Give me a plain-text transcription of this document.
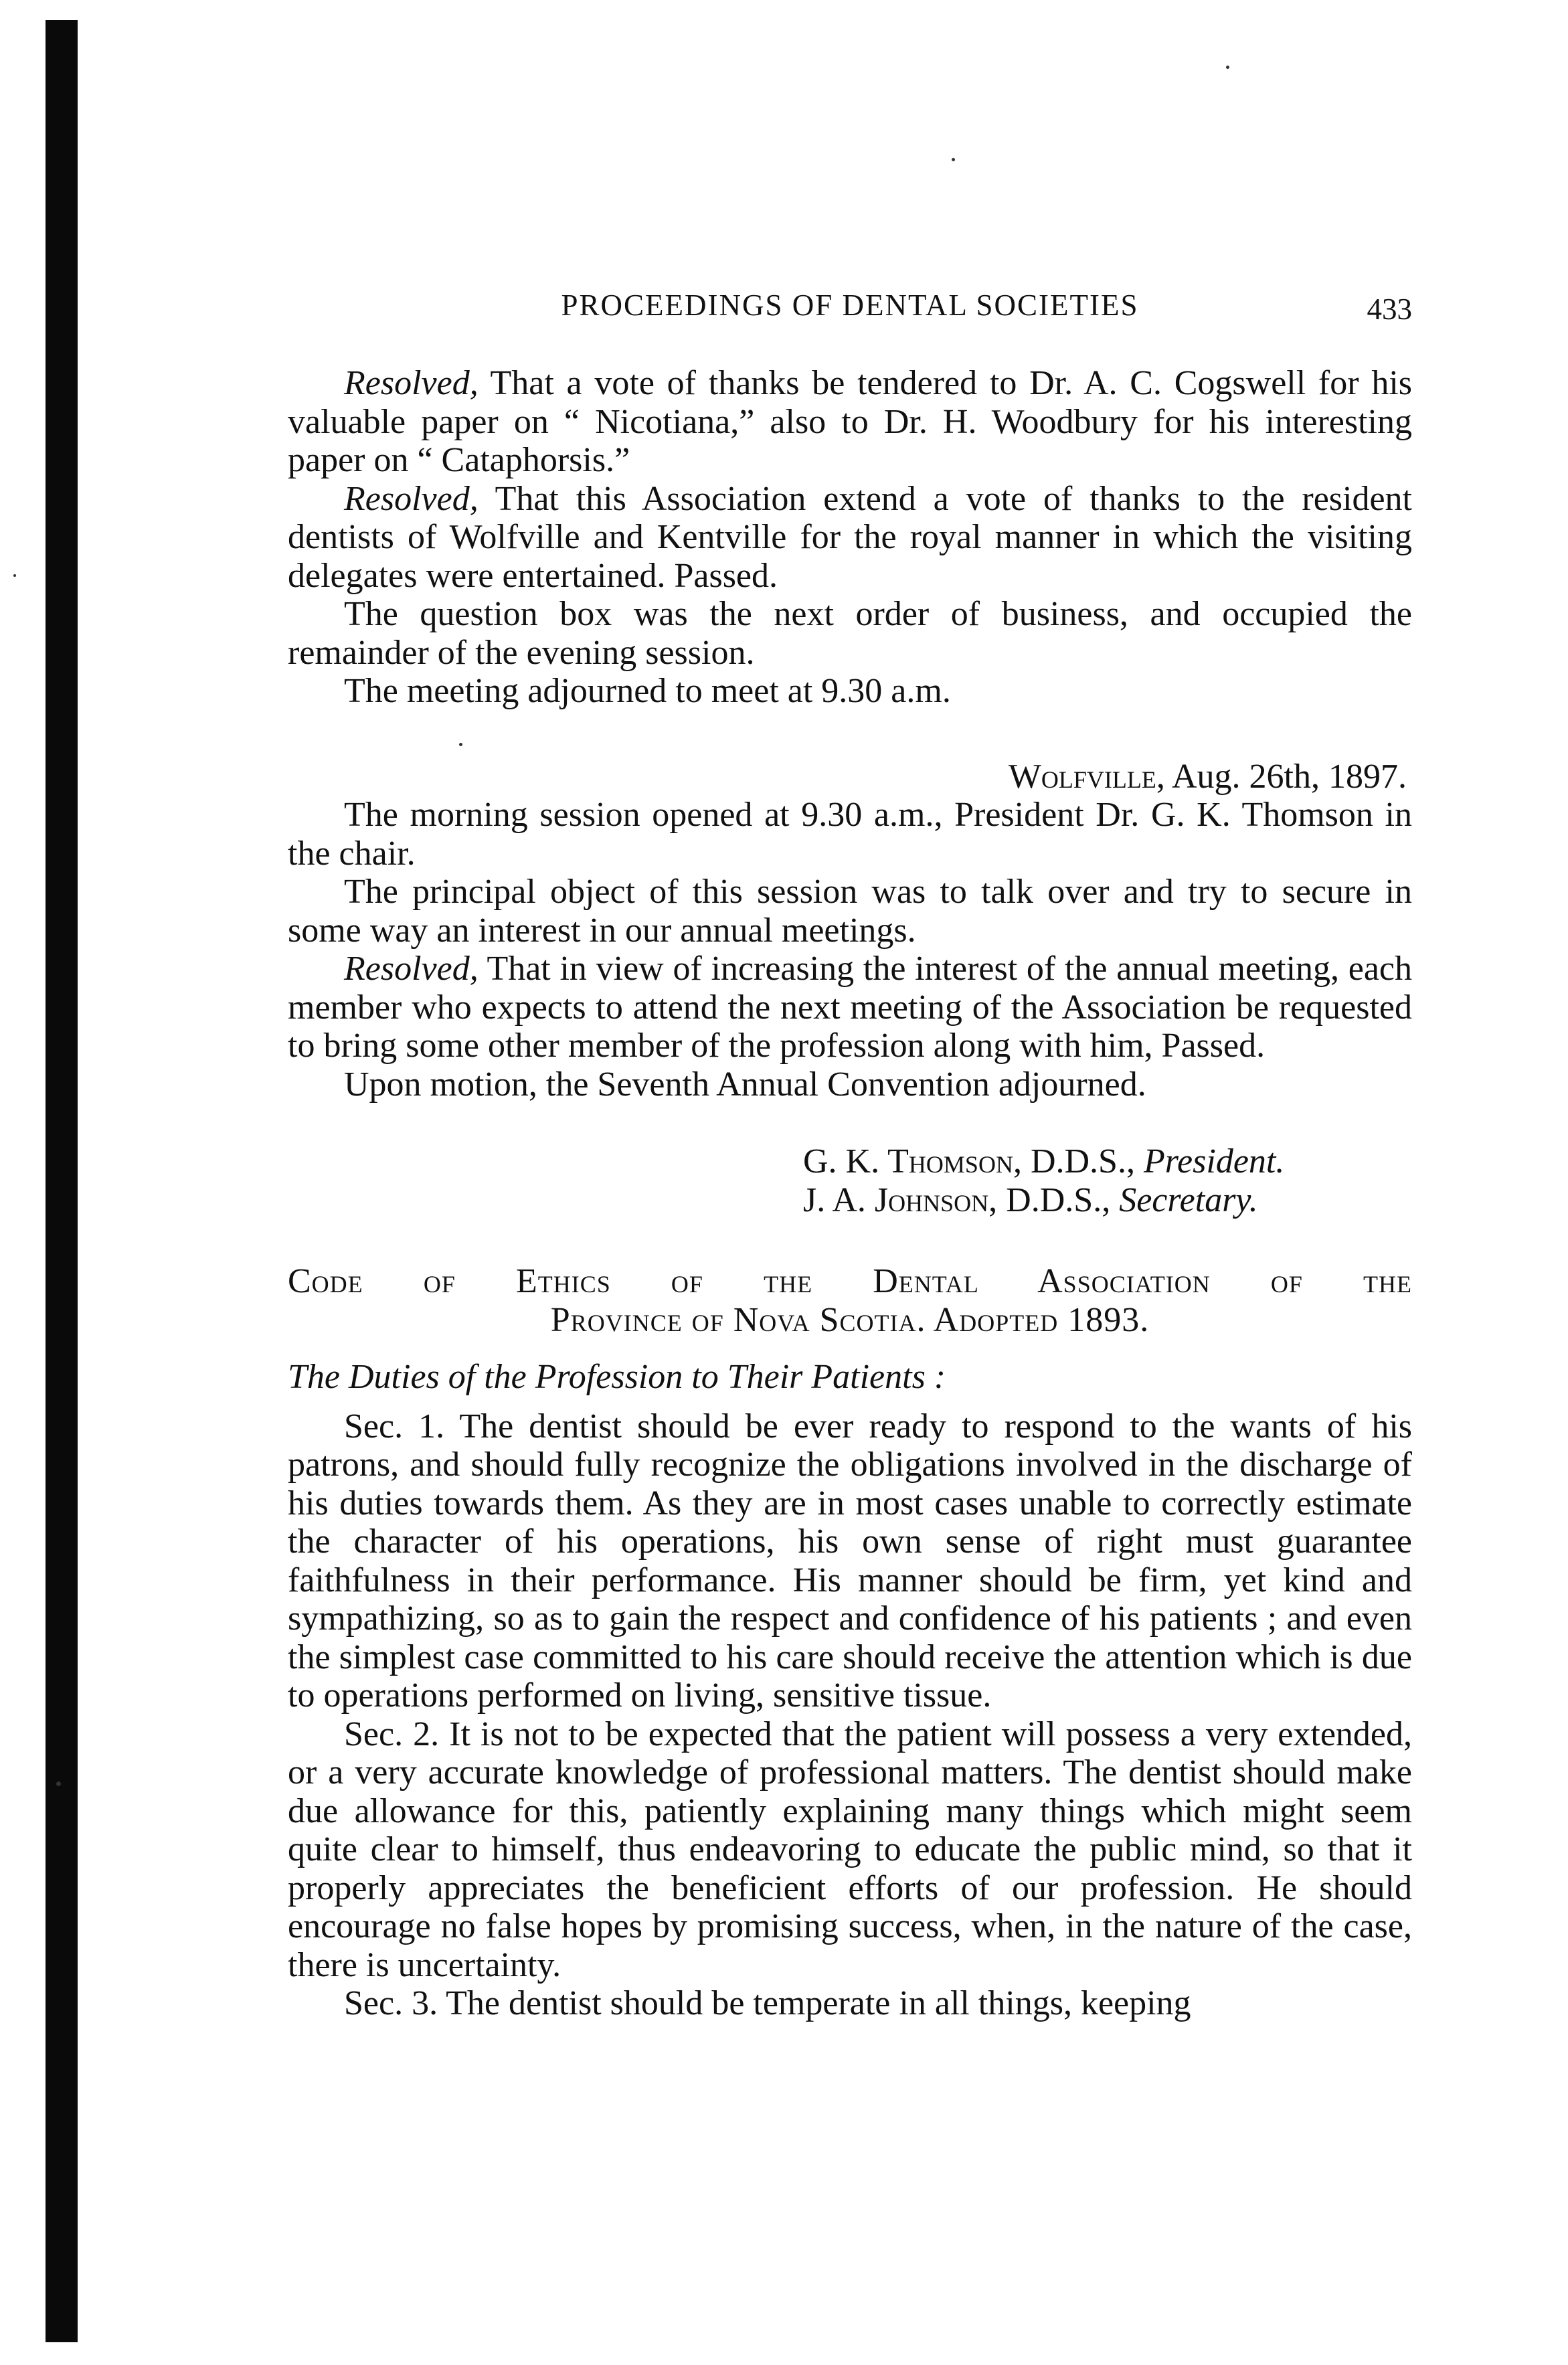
PROCEEDINGS OF DENTAL SOCIETIES	433

Resolved, That a vote of thanks be tendered to Dr. A. C. Cogswell for his valuable paper on “ Nicotiana,” also to Dr. H. Woodbury for his interesting paper on “ Cataphorsis.”

Resolved, That this Association extend a vote of thanks to the resident dentists of Wolfville and Kentville for the royal manner in which the visiting delegates were entertained. Passed.

The question box was the next order of business, and occupied the remainder of the evening session.

The meeting adjourned to meet at 9.30 a.m.

Wolfville, Aug. 26th, 1897.

The morning session opened at 9.30 a.m., President Dr. G. K. Thomson in the chair.

The principal object of this session was to talk over and try to secure in some way an interest in our annual meetings.

Resolved, That in view of increasing the interest of the annual meeting, each member who expects to attend the next meeting of the Association be requested to bring some other member of the profession along with him, Passed.

Upon motion, the Seventh Annual Convention adjourned.

G. K. Thomson, D.D.S., President.

J. A. Johnson, D.D.S., Secretary.

Code of Ethics of the Dental Association of the

Province of Nova Scotia. Adopted 1893.

The Duties of the Profession to Their Patients :

Sec. 1. The dentist should be ever ready to respond to the wants of his patrons, and should fully recognize the obligations involved in the discharge of his duties towards them. As they are in most cases unable to correctly estimate the character of his operations, his own sense of right must guarantee faithfulness in their performance. His manner should be firm, yet kind and sympathizing, so as to gain the respect and confidence of his patients ; and even the simplest case committed to his care should receive the attention which is due to operations performed on living, sensitive tissue.

Sec. 2. It is not to be expected that the patient will possess a very extended, or a very accurate knowledge of professional matters. The dentist should make due allowance for this, patiently explaining many things which might seem quite clear to himself, thus endeavoring to educate the public mind, so that it properly appreciates the beneficient efforts of our profession. He should encourage no false hopes by promising success, when, in the nature of the case, there is uncertainty.

Sec. 3. The dentist should be temperate in all things, keeping
